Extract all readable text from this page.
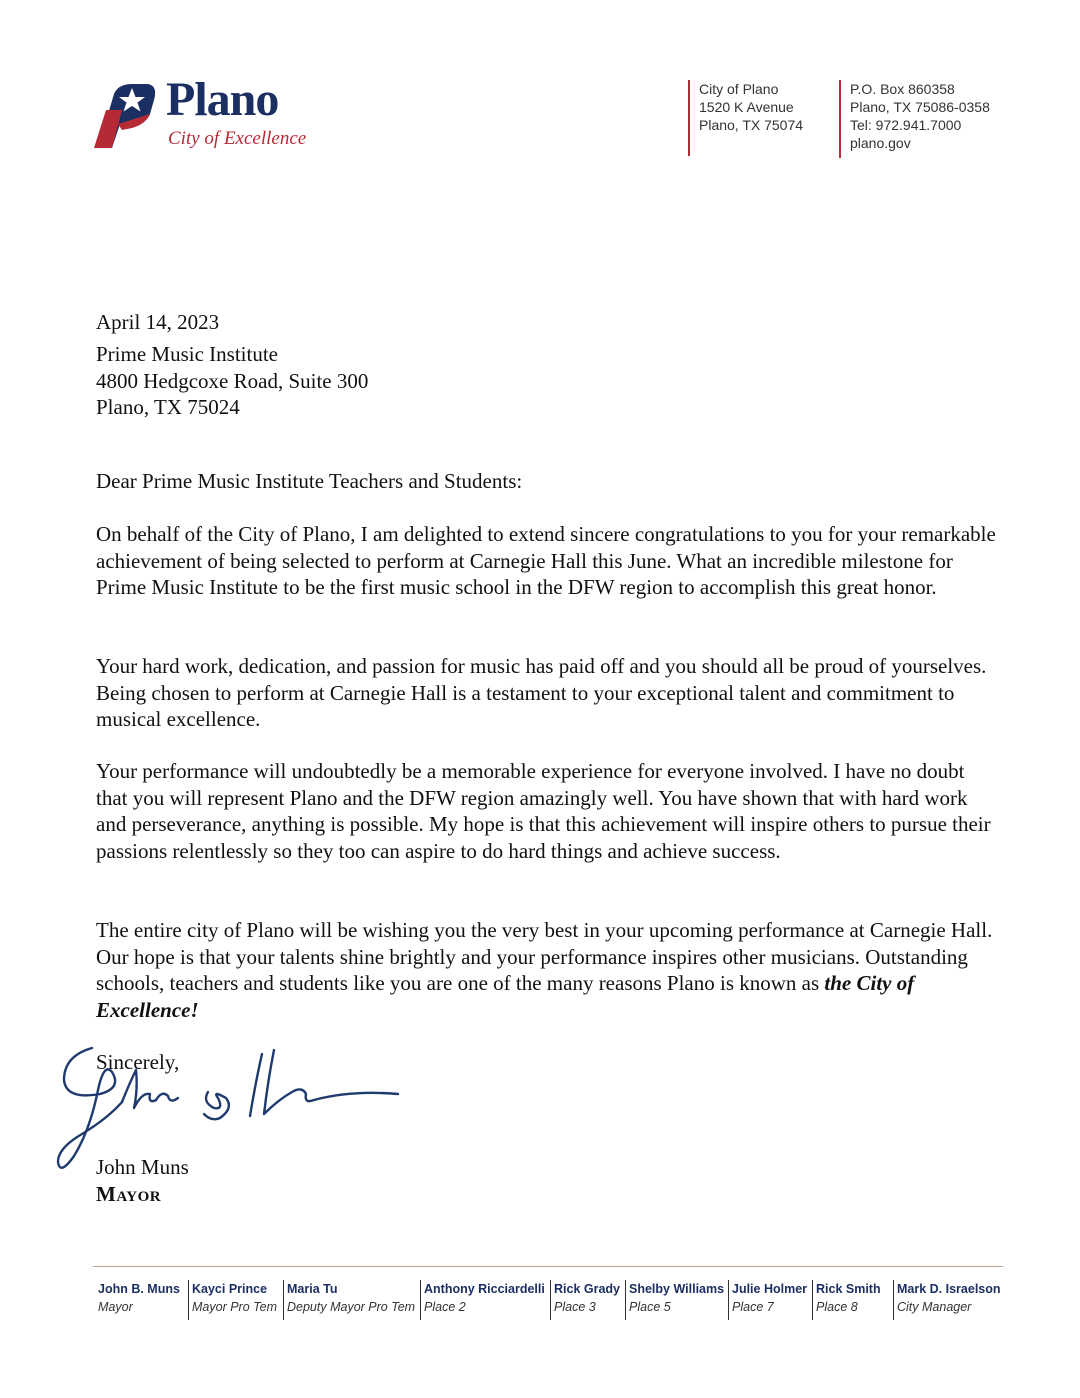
Plano
City of Excellence
City of Plano
1520 K Avenue
Plano, TX 75074
P.O. Box 860358
Plano, TX 75086-0358
Tel: 972.941.7000
plano.gov

April 14, 2023

Prime Music Institute
4800 Hedgcoxe Road, Suite 300
Plano, TX 75024

Dear Prime Music Institute Teachers and Students:

On behalf of the City of Plano, I am delighted to extend sincere congratulations to you for your remarkable achievement of being selected to perform at Carnegie Hall this June. What an incredible milestone for Prime Music Institute to be the first music school in the DFW region to accomplish this great honor.

Your hard work, dedication, and passion for music has paid off and you should all be proud of yourselves. Being chosen to perform at Carnegie Hall is a testament to your exceptional talent and commitment to musical excellence.

Your performance will undoubtedly be a memorable experience for everyone involved. I have no doubt that you will represent Plano and the DFW region amazingly well. You have shown that with hard work and perseverance, anything is possible. My hope is that this achievement will inspire others to pursue their passions relentlessly so they too can aspire to do hard things and achieve success.

The entire city of Plano will be wishing you the very best in your upcoming performance at Carnegie Hall. Our hope is that your talents shine brightly and your performance inspires other musicians. Outstanding schools, teachers and students like you are one of the many reasons Plano is known as the City of Excellence!

Sincerely,

John Muns

Mayor

John B. Muns
Mayor
Kayci Prince
Mayor Pro Tem
Maria Tu
Deputy Mayor Pro Tem
Anthony Ricciardelli
Place 2
Rick Grady
Place 3
Shelby Williams
Place 5
Julie Holmer
Place 7
Rick Smith
Place 8
Mark D. Israelson
City Manager
